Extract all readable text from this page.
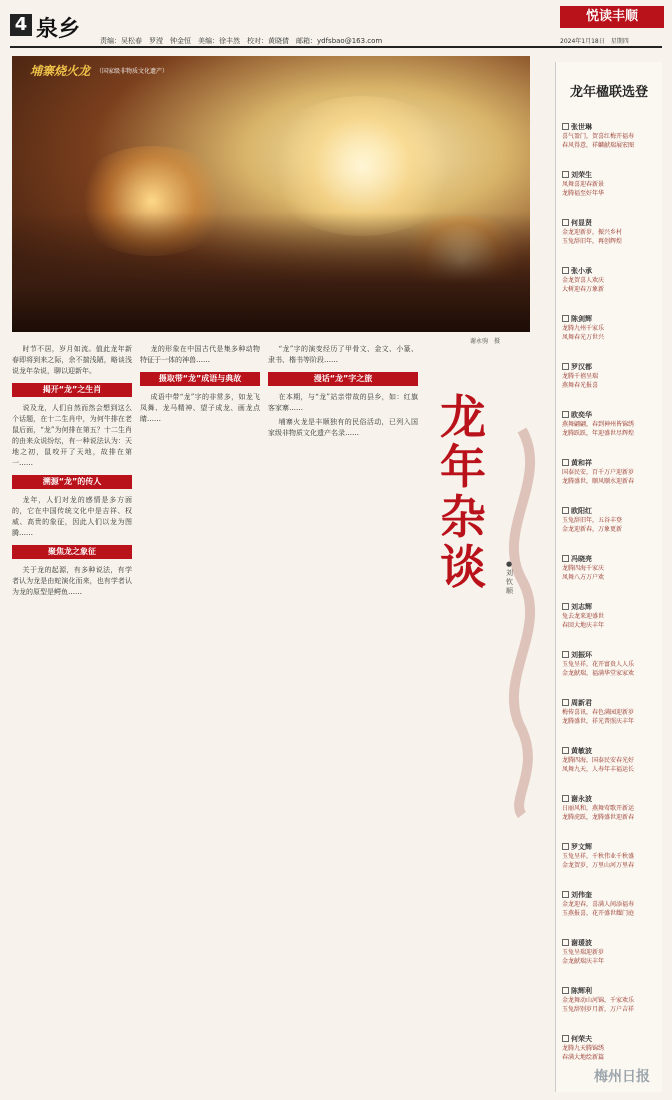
4 泉乡	责编：吴松春　罗滢　钟金恒　美编：徐丰然　校对：黄晓倩　邮箱：ydfsbao@163.com
悦读丰顺
2024年1月18日　星期四
埔寨烧火龙 （国家级非物质文化遗产）
谢永驹　摄

时节不居，岁月如流。值此龙年新春即将到来之际，余不揣浅陋，略谈浅说龙年杂说，聊以迎新年。

揭开“龙”之生肖

说及龙，人们自然而然会想到这么个话题，在十二生肖中，为何牛排在老鼠后面，“龙”为何排在第五？十二生肖的由来众说纷纭，有一种说法认为：天地之初，鼠咬开了天地，故排在第一……

溯源“龙”的传人

龙年，人们对龙的感情是多方面的，它在中国传统文化中是吉祥、权威、高贵的象征，因此人们以龙为图腾……

聚焦龙之象征

关于龙的起源，有多种说法，有学者认为龙是由蛇演化而来，也有学者认为龙的原型是鳄鱼……

龙的形象在中国古代是集多种动物特征于一体的神兽……

摄取带“龙”成语与典故

成语中带“龙”字的非常多，如龙飞凤舞、龙马精神、望子成龙、画龙点睛……

“龙”字的演变经历了甲骨文、金文、小篆、隶书、楷书等阶段……

漫话“龙”字之旅

在本期，与“龙”站亲带故的县乡，如：红旗客家寨……

埔寨火龙是丰顺独有的民俗活动，已列入国家级非物质文化遗产名录……	龙年杂谈	●刘钦顺
龙年楹联选登
张世琳
喜气盈门，贺喜红梅开福寿
春风得意，祥麟献瑞展宏图
刘荣生
凤舞喜迎春新景
龙腾福至好年华
何显贤
金龙迎新岁，振兴乡村
玉兔辞旧年，再创辉煌
张小承
金龙贺喜人欢庆
大树迎春万象新
陈剑辉
龙腾九州千家乐
凤舞春光万世兴
罗汉都
龙腾千禧呈瑞
燕舞春光报喜
欧奕华
燕舞翩翩，春到神州皆锦绣
龙腾跃跃，年迎盛世尽辉煌
黄和祥
国泰民安，百千万户迎新岁
龙腾盛世，顺风顺水迎新春
欧阳红
玉兔辞旧年，五谷丰登
金龙迎新春，万象更新
冯晓亮
龙腾四海千家庆
凤舞八方万户欢
刘志辉
兔去龙来迎盛世
春回大地庆丰年
刘振环
玉兔呈祥，花开富贵人人乐
金龙献瑞，福满华堂家家欢
周新君
梅传喜讯，春色满园迎新岁
龙腾盛世，祥光普照庆丰年
黄敏波
龙腾四海，国泰民安春光好
凤舞九天，人寿年丰福运长
谢永波
日丽风和，燕舞莺歌开新运
龙腾虎跃，龙腾盛世迎新春
罗文辉
玉兔呈祥，千秋伟业千秋盛
金龙贺岁，万里山河万里春
刘伟奎
金龙迎春，喜满人间添福寿
玉燕报喜，花开盛世耀门庭
谢瑗波
玉兔呈瑞迎新岁
金龙献瑞庆丰年
陈辉利
金龙舞动山河锦，千家欢乐
玉兔辞别岁月新，万户吉祥
何荣夫
龙腾九天腾锦绣
春满大地绘新篇
梅州日报
